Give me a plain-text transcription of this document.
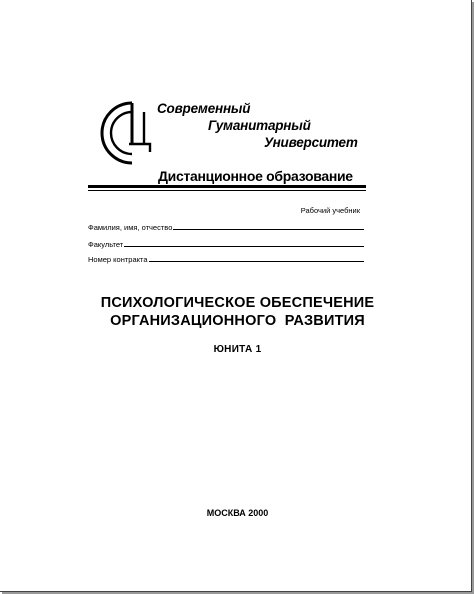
Современный
Гуманитарный
Университет
Дистанционное образование
Рабочий учебник
Фамилия, имя, отчество
Факультет
Номер контракта
ПСИХОЛОГИЧЕСКОЕ ОБЕСПЕЧЕНИЕ
ОРГАНИЗАЦИОННОГО  РАЗВИТИЯ
ЮНИТА 1
МОСКВА 2000
